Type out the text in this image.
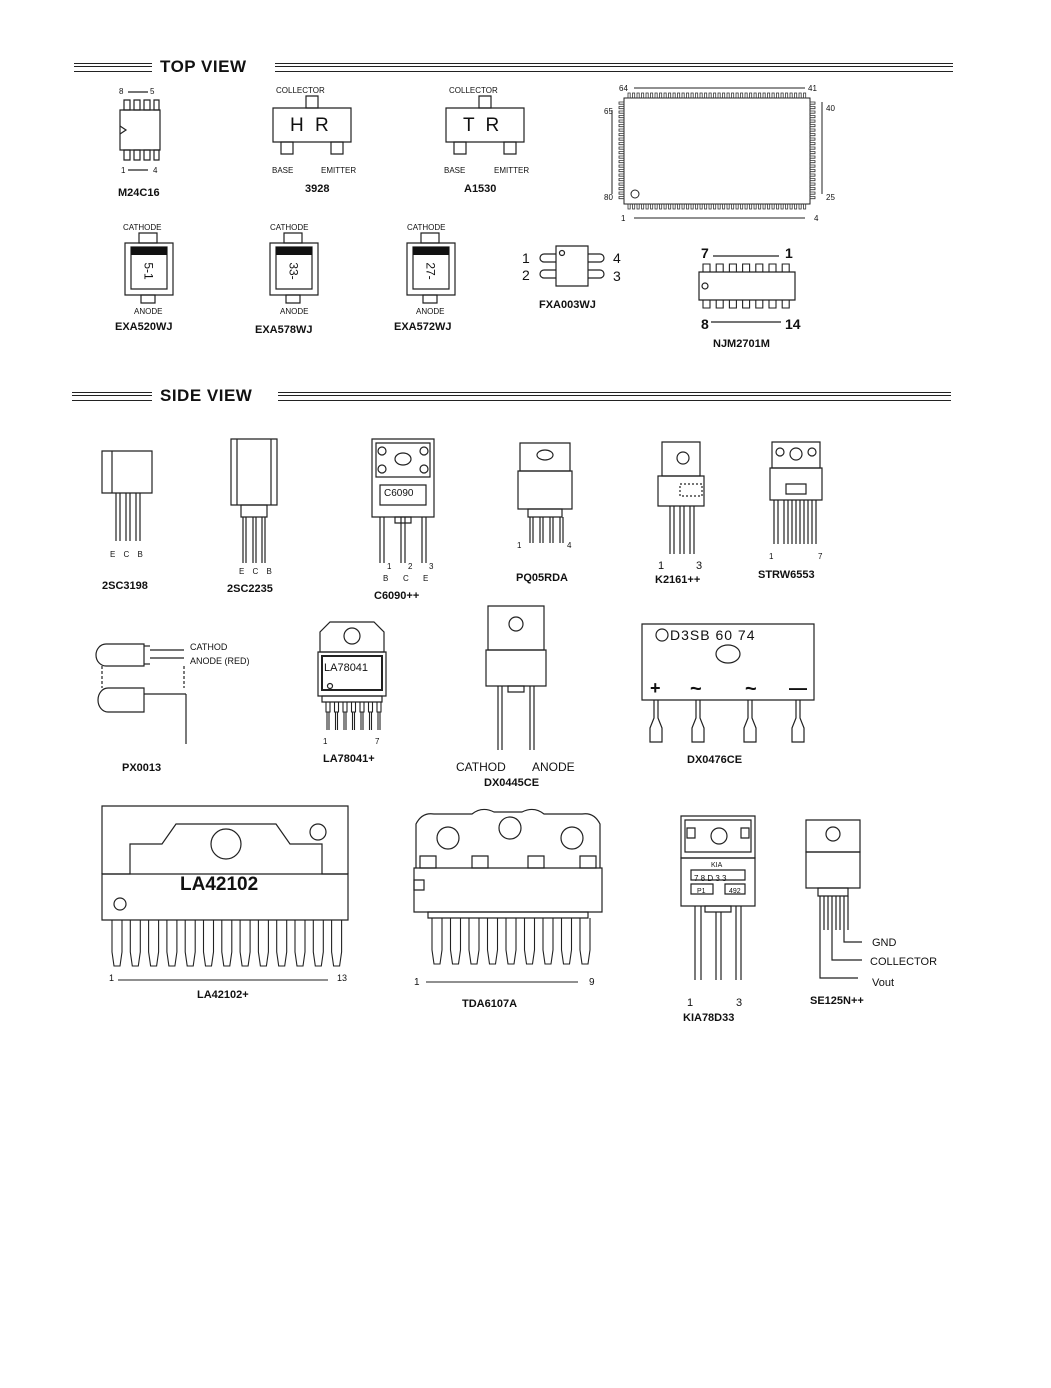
TOP VIEW
8	5
1	4
M24C16
COLLECTOR
H R
BASE	EMITTER
3928
COLLECTOR
T R
BASE	EMITTER
A1530
64	41
65	40
80	25
1	4
CATHODE
5-1
ANODE
EXA520WJ
CATHODE
33-
ANODE
EXA578WJ
CATHODE
27-
ANODE
EXA572WJ
1
2
4
3
FXA003WJ
7	1
8	14
NJM2701M
SIDE VIEW
E C B
2SC3198
E C B
2SC2235
C6090
1 2 3
B C E
C6090++
1	4
PQ05RDA
1	3
K2161++
1	7
STRW6553
CATHOD
ANODE (RED)
PX0013
LA78041
1	7
LA78041+
CATHOD ANODE
DX0445CE
D3SB 60 74
+ ~ ~ —
DX0476CE
LA42102
1	13
LA42102+
1	9
TDA6107A
KIA
7 8 D 3 3
P1	492
1	3
KIA78D33
GND
COLLECTOR
Vout
SE125N++
